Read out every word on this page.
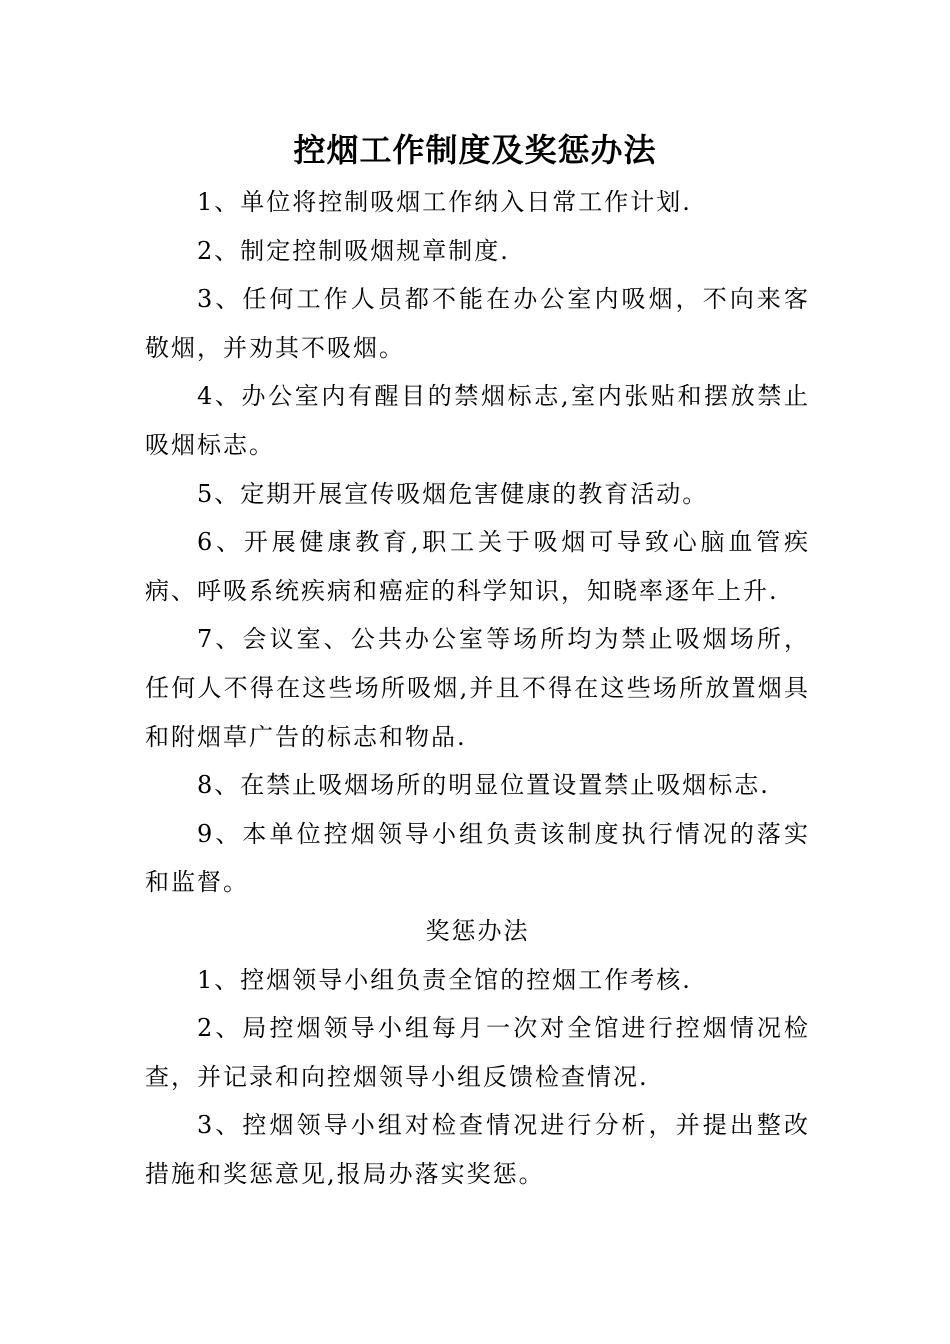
控烟工作制度及奖惩办法

1、单位将控制吸烟工作纳入日常工作计划.

2、制定控制吸烟规章制度.

3、任何工作人员都不能在办公室内吸烟，不向来客敬烟，并劝其不吸烟。

4、办公室内有醒目的禁烟标志,室内张贴和摆放禁止吸烟标志。

5、定期开展宣传吸烟危害健康的教育活动。

6、开展健康教育,职工关于吸烟可导致心脑血管疾病、呼吸系统疾病和癌症的科学知识，知晓率逐年上升.

7、会议室、公共办公室等场所均为禁止吸烟场所，任何人不得在这些场所吸烟,并且不得在这些场所放置烟具和附烟草广告的标志和物品.

8、在禁止吸烟场所的明显位置设置禁止吸烟标志.

9、本单位控烟领导小组负责该制度执行情况的落实和监督。

奖惩办法

1、控烟领导小组负责全馆的控烟工作考核.

2、局控烟领导小组每月一次对全馆进行控烟情况检查，并记录和向控烟领导小组反馈检查情况.

3、控烟领导小组对检查情况进行分析，并提出整改措施和奖惩意见,报局办落实奖惩。
